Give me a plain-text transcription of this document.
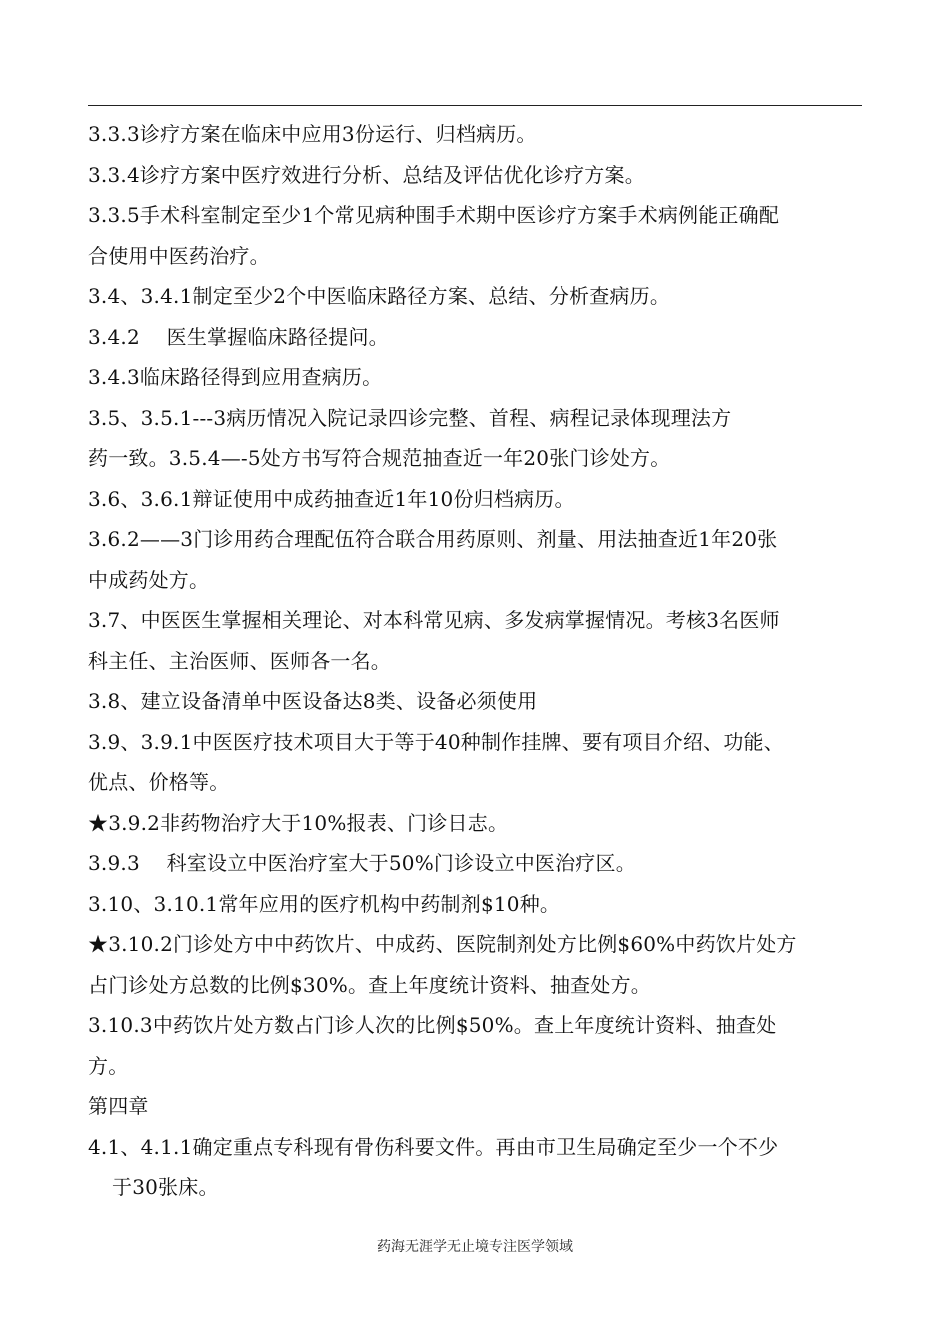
3.3.3诊疗方案在临床中应用3份运行、归档病历。
3.3.4诊疗方案中医疗效进行分析、总结及评估优化诊疗方案。
3.3.5手术科室制定至少1个常见病种围手术期中医诊疗方案手术病例能正确配
合使用中医药治疗。
3.4、3.4.1制定至少2个中医临床路径方案、总结、分析查病历。
3.4.2　 医生掌握临床路径提问。
3.4.3临床路径得到应用查病历。
3.5、3.5.1---3病历情况入院记录四诊完整、首程、病程记录体现理法方
药一致。3.5.4—-5处方书写符合规范抽查近一年20张门诊处方。
3.6、3.6.1辩证使用中成药抽查近1年10份归档病历。
3.6.2——3门诊用药合理配伍符合联合用药原则、剂量、用法抽查近1年20张
中成药处方。
3.7、中医医生掌握相关理论、对本科常见病、多发病掌握情况。考核3名医师
科主任、主治医师、医师各一名。
3.8、建立设备清单中医设备达8类、设备必须使用
3.9、3.9.1中医医疗技术项目大于等于40种制作挂牌、要有项目介绍、功能、
优点、价格等。
★3.9.2非药物治疗大于10%报表、门诊日志。
3.9.3　 科室设立中医治疗室大于50%门诊设立中医治疗区。
3.10、3.10.1常年应用的医疗机构中药制剂$10种。
★3.10.2门诊处方中中药饮片、中成药、医院制剂处方比例$60%中药饮片处方
占门诊处方总数的比例$30%。查上年度统计资料、抽查处方。
3.10.3中药饮片处方数占门诊人次的比例$50%。查上年度统计资料、抽查处
方。
第四章
4.1、4.1.1确定重点专科现有骨伤科要文件。再由市卫生局确定至少一个不少
于30张床。
药海无涯学无止境专注医学领域
